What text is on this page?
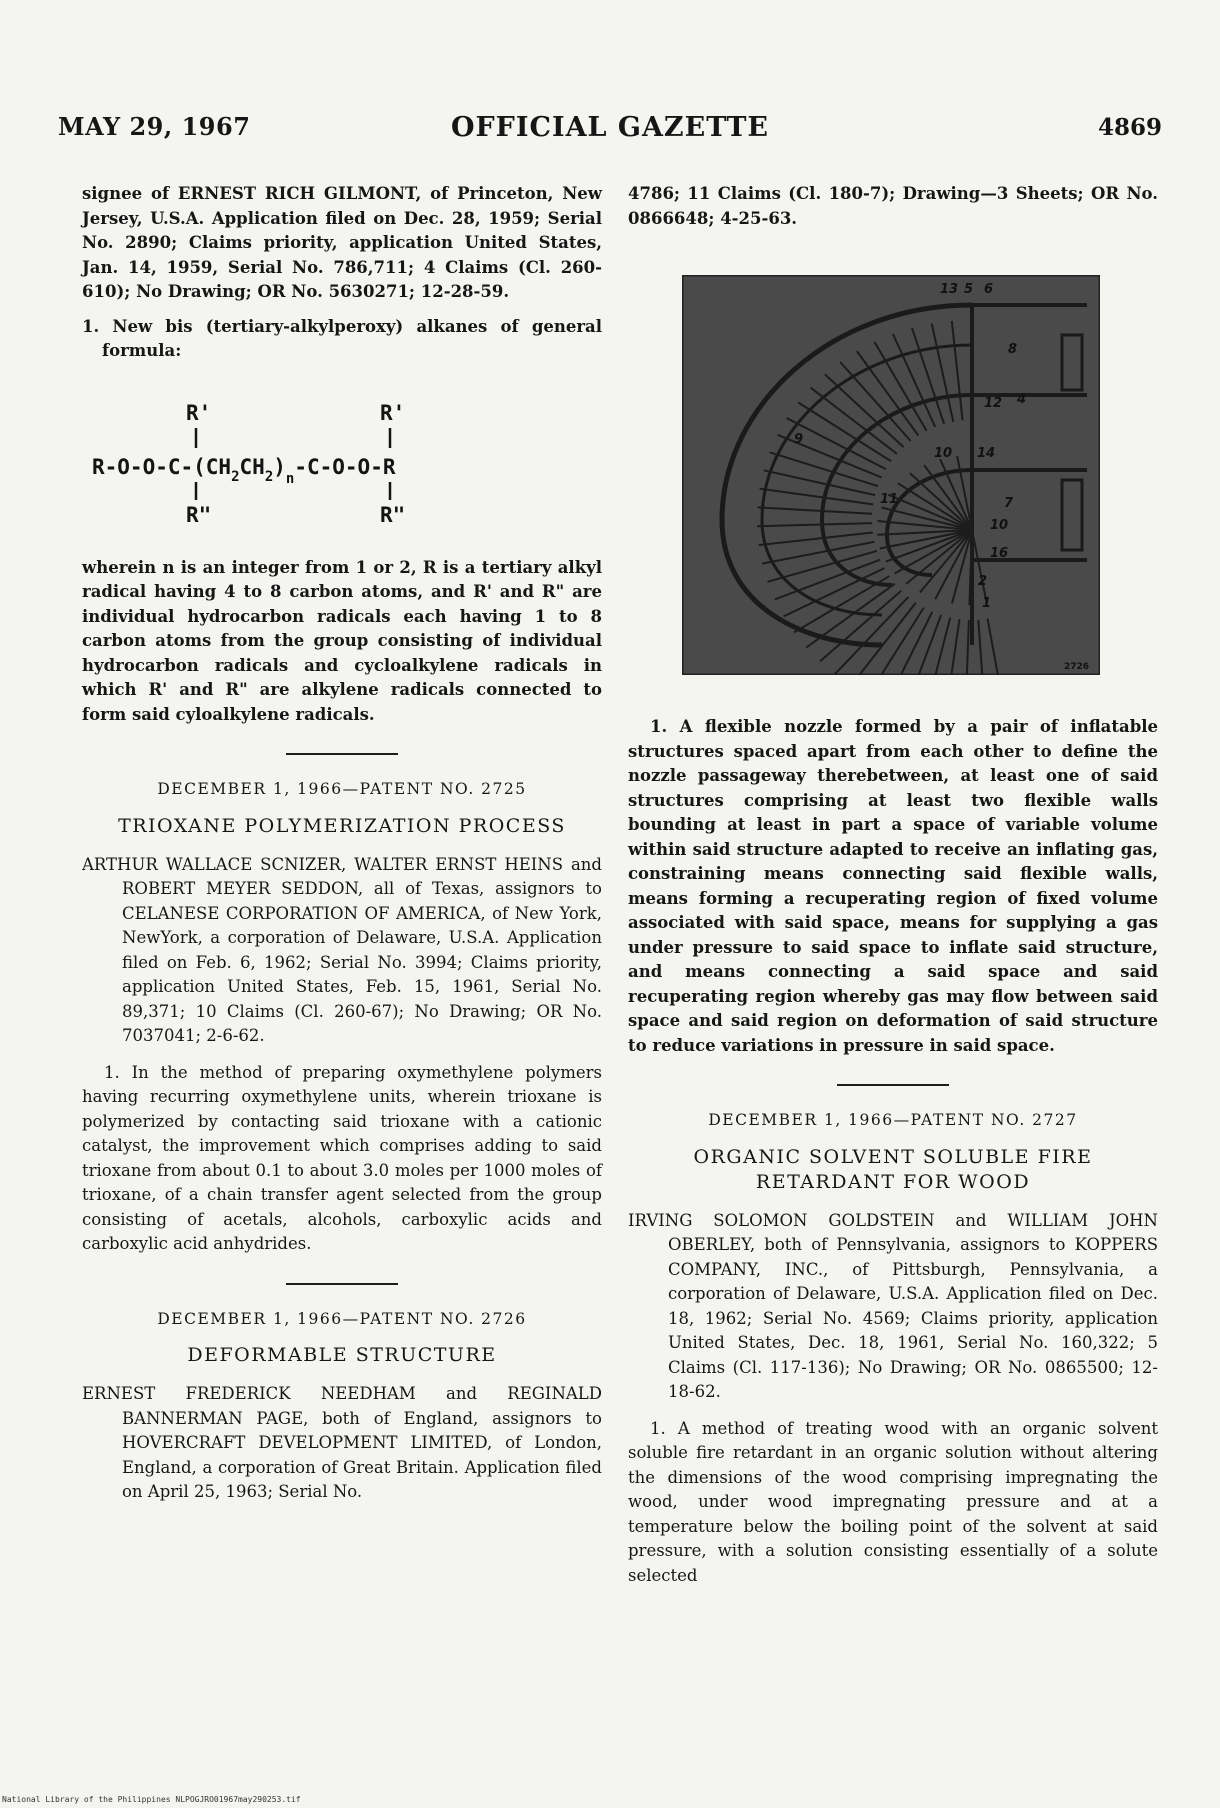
MAY 29, 1967	OFFICIAL GAZETTE	4869

signee of ERNEST RICH GILMONT, of Princeton, New Jersey, U.S.A. Application filed on Dec. 28, 1959; Serial No. 2890; Claims priority, application United States, Jan. 14, 1959, Serial No. 786,711; 4 Claims (Cl. 260-610); No Drawing; OR No. 5630271; 12-28-59.

1. New bis (tertiary-alkylperoxy) alkanes of general formula:

R'	R'
$R-O-O-C-(CH_2CH_2)_n-C-O-O-R$
R"	R"

wherein n is an integer from 1 or 2, R is a tertiary alkyl radical having 4 to 8 carbon atoms, and R' and R" are individual hydrocarbon radicals each having 1 to 8 carbon atoms from the group consisting of individual hydrocarbon radicals and cycloalkylene radicals in which R' and R" are alkylene radicals connected to form said cyloalkylene radicals.

DECEMBER 1, 1966—PATENT NO. 2725
TRIOXANE POLYMERIZATION PROCESS

ARTHUR WALLACE SCNIZER, WALTER ERNST HEINS and ROBERT MEYER SEDDON, all of Texas, assignors to CELANESE CORPORATION OF AMERICA, of New York, NewYork, a corporation of Delaware, U.S.A. Application filed on Feb. 6, 1962; Serial No. 3994; Claims priority, application United States, Feb. 15, 1961, Serial No. 89,371; 10 Claims (Cl. 260-67); No Drawing; OR No. 7037041; 2-6-62.

1. In the method of preparing oxymethylene polymers having recurring oxymethylene units, wherein trioxane is polymerized by contacting said trioxane with a cationic catalyst, the improvement which comprises adding to said trioxane from about 0.1 to about 3.0 moles per 1000 moles of trioxane, of a chain transfer agent selected from the group consisting of acetals, alcohols, carboxylic acids and carboxylic acid anhydrides.

DECEMBER 1, 1966—PATENT NO. 2726
DEFORMABLE STRUCTURE

ERNEST FREDERICK NEEDHAM and REGINALD BANNERMAN PAGE, both of England, assignors to HOVERCRAFT DEVELOPMENT LIMITED, of London, England, a corporation of Great Britain. Application filed on April 25, 1963; Serial No.

4786; 11 Claims (Cl. 180-7); Drawing—3 Sheets; OR No. 0866648; 4-25-63.

13 5 6
9
4
12
8
10 14
11	7
10
16
2
1
2726

1. A flexible nozzle formed by a pair of inflatable structures spaced apart from each other to define the nozzle passageway therebetween, at least one of said structures comprising at least two flexible walls bounding at least in part a space of variable volume within said structure adapted to receive an inflating gas, constraining means connecting said flexible walls, means forming a recuperating region of fixed volume associated with said space, means for supplying a gas under pressure to said space to inflate said structure, and means connecting a said space and said recuperating region whereby gas may flow between said space and said region on deformation of said structure to reduce variations in pressure in said space.

DECEMBER 1, 1966—PATENT NO. 2727
ORGANIC SOLVENT SOLUBLE FIRE RETARDANT FOR WOOD

IRVING SOLOMON GOLDSTEIN and WILLIAM JOHN OBERLEY, both of Pennsylvania, assignors to KOPPERS COMPANY, INC., of Pittsburgh, Pennsylvania, a corporation of Delaware, U.S.A. Application filed on Dec. 18, 1962; Serial No. 4569; Claims priority, application United States, Dec. 18, 1961, Serial No. 160,322; 5 Claims (Cl. 117-136); No Drawing; OR No. 0865500; 12-18-62.

1. A method of treating wood with an organic solvent soluble fire retardant in an organic solution without altering the dimensions of the wood comprising impregnating the wood, under wood impregnating pressure and at a temperature below the boiling point of the solvent at said pressure, with a solution consisting essentially of a solute selected

National Library of the Philippines NLPOGJRO01967may290253.tif
